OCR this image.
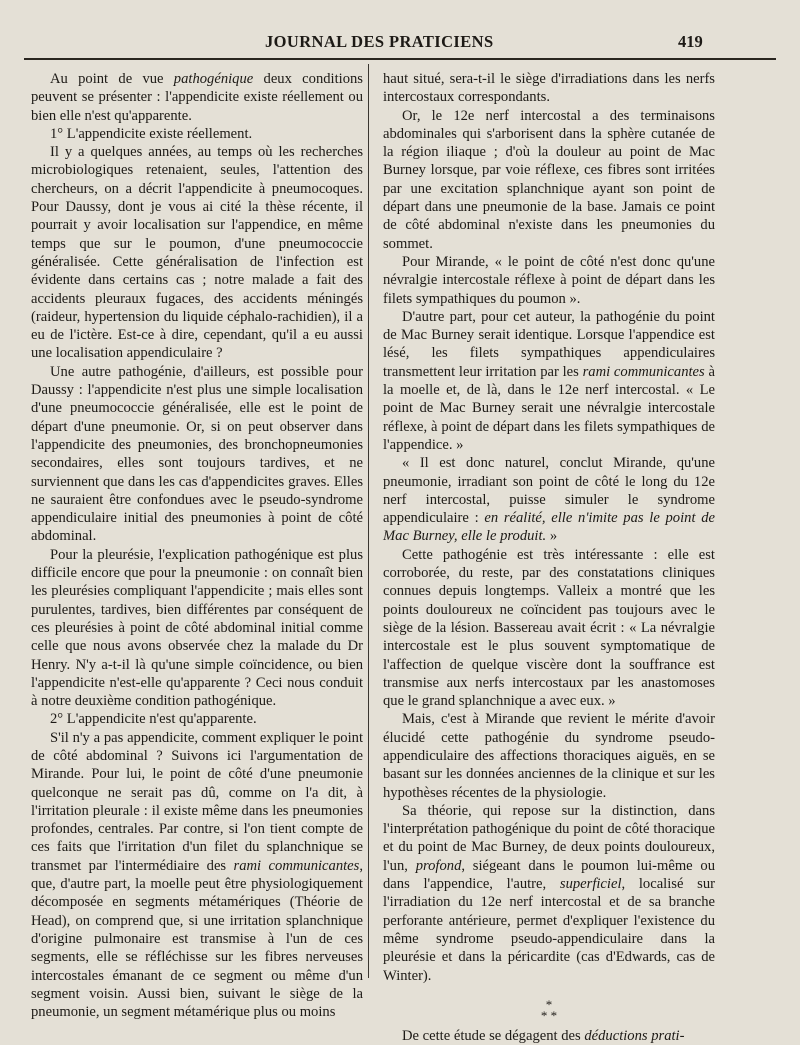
JOURNAL DES PRATICIENS	419

Au point de vue pathogénique deux conditions peuvent se présenter : l'appendicite existe réellement ou bien elle n'est qu'apparente.

1° L'appendicite existe réellement.

Il y a quelques années, au temps où les recherches microbiologiques retenaient, seules, l'attention des chercheurs, on a décrit l'appendicite à pneumocoques. Pour Daussy, dont je vous ai cité la thèse récente, il pourrait y avoir localisation sur l'appendice, en même temps que sur le poumon, d'une pneumococcie généralisée. Cette généralisation de l'infection est évidente dans certains cas ; notre malade a fait des accidents pleuraux fugaces, des accidents méningés (raideur, hypertension du liquide céphalo-rachidien), il a eu de l'ictère. Est-ce à dire, cependant, qu'il a eu aussi une localisation appendiculaire ?

Une autre pathogénie, d'ailleurs, est possible pour Daussy : l'appendicite n'est plus une simple localisation d'une pneumococcie généralisée, elle est le point de départ d'une pneumonie. Or, si on peut observer dans l'appendicite des pneumonies, des bronchopneumonies secondaires, elles sont toujours tardives, et ne surviennent que dans les cas d'appendicites graves. Elles ne sauraient être confondues avec le pseudo-syndrome appendiculaire initial des pneumonies à point de côté abdominal.

Pour la pleurésie, l'explication pathogénique est plus difficile encore que pour la pneumonie : on connaît bien les pleurésies compliquant l'appendicite ; mais elles sont purulentes, tardives, bien différentes par conséquent de ces pleurésies à point de côté abdominal initial comme celle que nous avons observée chez la malade du Dr Henry. N'y a-t-il là qu'une simple coïncidence, ou bien l'appendicite n'est-elle qu'apparente ? Ceci nous conduit à notre deuxième condition pathogénique.

2° L'appendicite n'est qu'apparente.

S'il n'y a pas appendicite, comment expliquer le point de côté abdominal ? Suivons ici l'argumentation de Mirande. Pour lui, le point de côté d'une pneumonie quelconque ne serait pas dû, comme on l'a dit, à l'irritation pleurale : il existe même dans les pneumonies profondes, centrales. Par contre, si l'on tient compte de ces faits que l'irritation d'un filet du splanchnique se transmet par l'intermédiaire des rami communicantes, que, d'autre part, la moelle peut être physiologiquement décomposée en segments métamériques (Théorie de Head), on comprend que, si une irritation splanchnique d'origine pulmonaire est transmise à l'un de ces segments, elle se réfléchisse sur les fibres nerveuses intercostales émanant de ce segment ou même d'un segment voisin. Aussi bien, suivant le siège de la pneumonie, un segment métamérique plus ou moins

haut situé, sera-t-il le siège d'irradiations dans les nerfs intercostaux correspondants.

Or, le 12e nerf intercostal a des terminaisons abdominales qui s'arborisent dans la sphère cutanée de la région iliaque ; d'où la douleur au point de Mac Burney lorsque, par voie réflexe, ces fibres sont irritées par une excitation splanchnique ayant son point de départ dans une pneumonie de la base. Jamais ce point de côté abdominal n'existe dans les pneumonies du sommet.

Pour Mirande, « le point de côté n'est donc qu'une névralgie intercostale réflexe à point de départ dans les filets sympathiques du poumon ».

D'autre part, pour cet auteur, la pathogénie du point de Mac Burney serait identique. Lorsque l'appendice est lésé, les filets sympathiques appendiculaires transmettent leur irritation par les rami communicantes à la moelle et, de là, dans le 12e nerf intercostal. « Le point de Mac Burney serait une névralgie intercostale réflexe, à point de départ dans les filets sympathiques de l'appendice. »

« Il est donc naturel, conclut Mirande, qu'une pneumonie, irradiant son point de côté le long du 12e nerf intercostal, puisse simuler le syndrome appendiculaire : en réalité, elle n'imite pas le point de Mac Burney, elle le produit. »

Cette pathogénie est très intéressante : elle est corroborée, du reste, par des constatations cliniques connues depuis longtemps. Valleix a montré que les points douloureux ne coïncident pas toujours avec le siège de la lésion. Bassereau avait écrit : « La névralgie intercostale est le plus souvent symptomatique de l'affection de quelque viscère dont la souffrance est transmise aux nerfs intercostaux par les anastomoses que le grand splanchnique a avec eux. »

Mais, c'est à Mirande que revient le mérite d'avoir élucidé cette pathogénie du syndrome pseudo-appendiculaire des affections thoraciques aiguës, en se basant sur les données anciennes de la clinique et sur les hypothèses récentes de la physiologie.

Sa théorie, qui repose sur la distinction, dans l'interprétation pathogénique du point de côté thoracique et du point de Mac Burney, de deux points douloureux, l'un, profond, siégeant dans le poumon lui-même ou dans l'appendice, l'autre, superficiel, localisé sur l'irradiation du 12e nerf intercostal et de sa branche perforante antérieure, permet d'expliquer l'existence du même syndrome pseudo-appendiculaire dans la pleurésie et dans la péricardite (cas d'Edwards, cas de Winter).

*
* *

De cette étude se dégagent des déductions prati-
